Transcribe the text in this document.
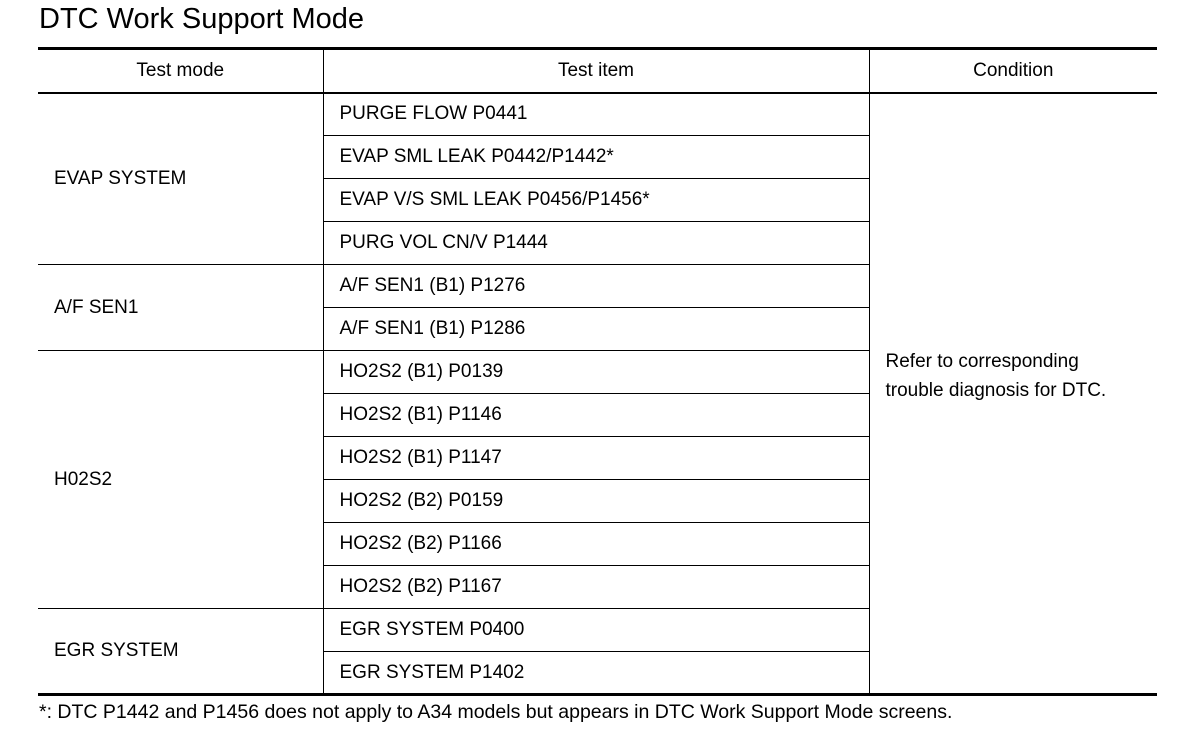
DTC Work Support Mode
Test mode	Test item	Condition
EVAP SYSTEM	PURGE FLOW P0441	Refer to corresponding trouble diagnosis for DTC.

	EVAP SML LEAK P0442/P1442*	
	EVAP V/S SML LEAK P0456/P1456*	
	PURG VOL CN/V P1444	
A/F SEN1	A/F SEN1 (B1) P1276	
	A/F SEN1 (B1) P1286	
H02S2	HO2S2 (B1) P0139	
	HO2S2 (B1) P1146	
	HO2S2 (B1) P1147	
	HO2S2 (B2) P0159	
	HO2S2 (B2) P1166	
	HO2S2 (B2) P1167	
EGR SYSTEM	EGR SYSTEM P0400	
	EGR SYSTEM P1402	
*: DTC P1442 and P1456 does not apply to A34 models but appears in DTC Work Support Mode screens.
